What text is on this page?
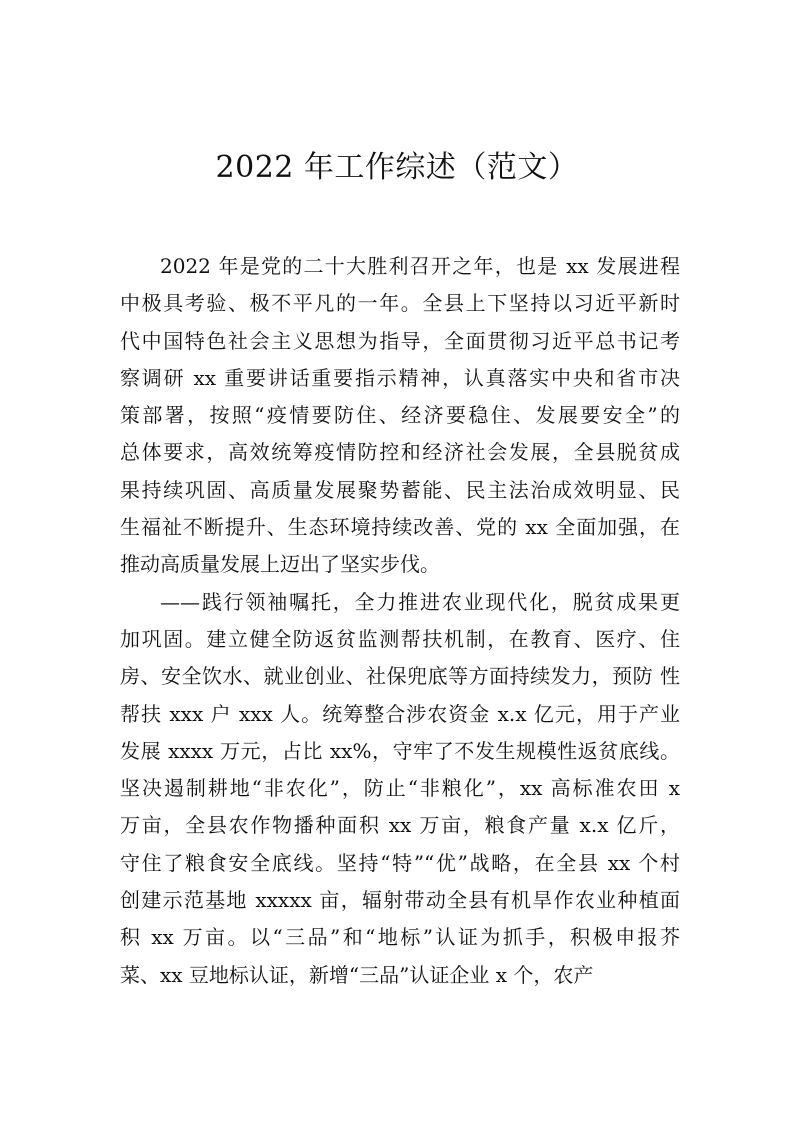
2022 年工作综述（范文）
2022 年是党的二十大胜利召开之年，也是 xx 发展进程
中极具考验、极不平凡的一年。全县上下坚持以习近平新时
代中国特色社会主义思想为指导，全面贯彻习近平总书记考
察调研 xx 重要讲话重要指示精神，认真落实中央和省市决
策部署，按照“疫情要防住、经济要稳住、发展要安全”的
总体要求，高效统筹疫情防控和经济社会发展，全县脱贫成
果持续巩固、高质量发展聚势蓄能、民主法治成效明显、民
生福祉不断提升、生态环境持续改善、党的 xx 全面加强，在
推动高质量发展上迈出了坚实步伐。
——践行领袖嘱托，全力推进农业现代化，脱贫成果更
加巩固。建立健全防返贫监测帮扶机制，在教育、医疗、住
房、安全饮水、就业创业、社保兜底等方面持续发力，预防 性
帮扶 xxx 户 xxx 人。统筹整合涉农资金 x.x 亿元，用于产业
发展 xxxx 万元，占比 xx%，守牢了不发生规模性返贫底线。
坚决遏制耕地“非农化”，防止“非粮化”，xx 高标准农田 x
万亩，全县农作物播种面积 xx 万亩，粮食产量 x.x 亿斤，
守住了粮食安全底线。坚持“特”“优”战略，在全县 xx 个村
创建示范基地 xxxxx 亩，辐射带动全县有机旱作农业种植面
积 xx 万亩。以“三品”和“地标”认证为抓手，积极申报芥
菜、xx 豆地标认证，新增“三品”认证企业 x 个，农产
